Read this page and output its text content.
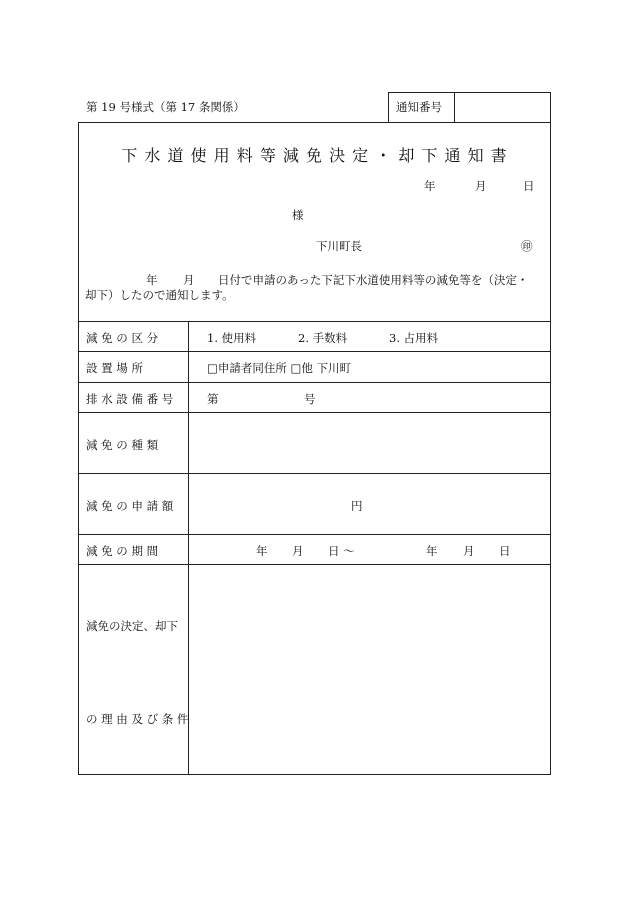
第 19 号様式（第 17 条関係）	通知番号
下 水 道 使 用 料 等 減 免 決 定 ・ 却 下 通 知 書
年	月	日
様
下川町長	㊞
年 月 日付で申請のあった下記下水道使用料等の減免等を（決定・
却下）したので通知します。
減 免 の 区 分	1. 使用料	2. 手数料	3. 占用料
設 置 場 所	□申請者同住所 □他 下川町
排 水 設 備 番 号	第	号
減 免 の 種 類
減 免 の 申 請 額	円
減 免 の 期 間	年 月 日 〜	年 月 日
減免の決定、却下
の 理 由 及 び 条 件
